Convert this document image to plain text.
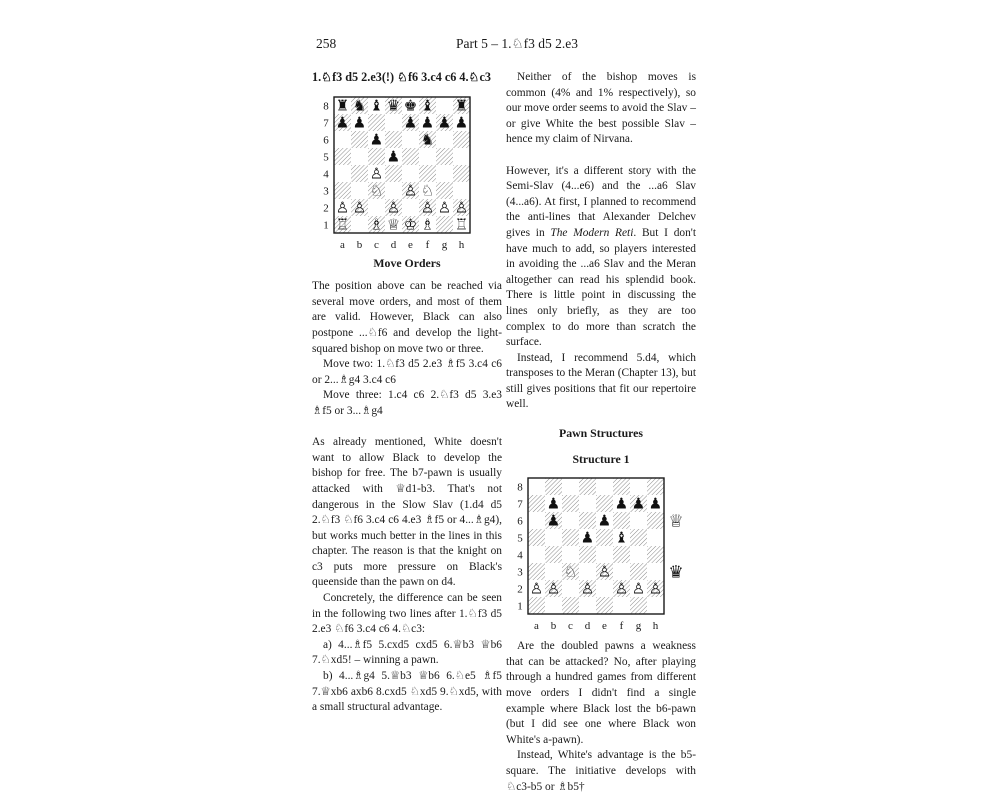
258	Part 5 – 1.♘f3 d5 2.e3

1.♘f3 d5 2.e3(!) ♘f6 3.c4 c6 4.♘c3

8
7
6
5
4
3
2
1
a b c d e f g h
♜ ♞ ♝ ♛ ♚ ♝ ♜
♟ ♟	♟ ♟ ♟ ♟
♟	♞
♟
♙
♘ ♙ ♘
♙ ♙ ♙ ♙ ♙ ♙
♖ ♗ ♕ ♔ ♗ ♖
Move Orders

The position above can be reached via several move orders, and most of them are valid. However, Black can also postpone ...♘f6 and develop the light-squared bishop on move two or three.

Move two: 1.♘f3 d5 2.e3 ♗f5 3.c4 c6 or 2...♗g4 3.c4 c6

Move three: 1.c4 c6 2.♘f3 d5 3.e3 ♗f5 or 3...♗g4

As already mentioned, White doesn't want to allow Black to develop the bishop for free. The b7-pawn is usually attacked with ♕d1-b3. That's not dangerous in the Slow Slav (1.d4 d5 2.♘f3 ♘f6 3.c4 c6 4.e3 ♗f5 or 4...♗g4), but works much better in the lines in this chapter. The reason is that the knight on c3 puts more pressure on Black's queenside than the pawn on d4.

Concretely, the difference can be seen in the following two lines after 1.♘f3 d5 2.e3 ♘f6 3.c4 c6 4.♘c3:

a) 4...♗f5 5.cxd5 cxd5 6.♕b3 ♕b6 7.♘xd5! – winning a pawn.

b) 4...♗g4 5.♕b3 ♕b6 6.♘e5 ♗f5 7.♕xb6 axb6 8.cxd5 ♘xd5 9.♘xd5, with a small structural advantage.

Neither of the bishop moves is common (4% and 1% respectively), so our move order seems to avoid the Slav – or give White the best possible Slav – hence my claim of Nirvana.

However, it's a different story with the Semi-Slav (4...e6) and the ...a6 Slav (4...a6). At first, I planned to recommend the anti-lines that Alexander Delchev gives in The Modern Reti. But I don't have much to add, so players interested in avoiding the ...a6 Slav and the Meran altogether can read his splendid book. There is little point in discussing the lines only briefly, as they are too complex to do more than scratch the surface.

Instead, I recommend 5.d4, which transposes to the Meran (Chapter 13), but still gives positions that fit our repertoire well.

Pawn Structures

Structure 1

8
7
6
5
4
3
2
1
a b c d e f g h
♟	♟ ♟ ♟
♟	♟
♟ ♝
♘ ♙
♙ ♙ ♙ ♙ ♙ ♙
♕
♛

Are the doubled pawns a weakness that can be attacked? No, after playing through a hundred games from different move orders I didn't find a single example where Black lost the b6-pawn (but I did see one where Black won White's a-pawn).

Instead, White's advantage is the b5-square. The initiative develops with ♘c3-b5 or ♗b5†
